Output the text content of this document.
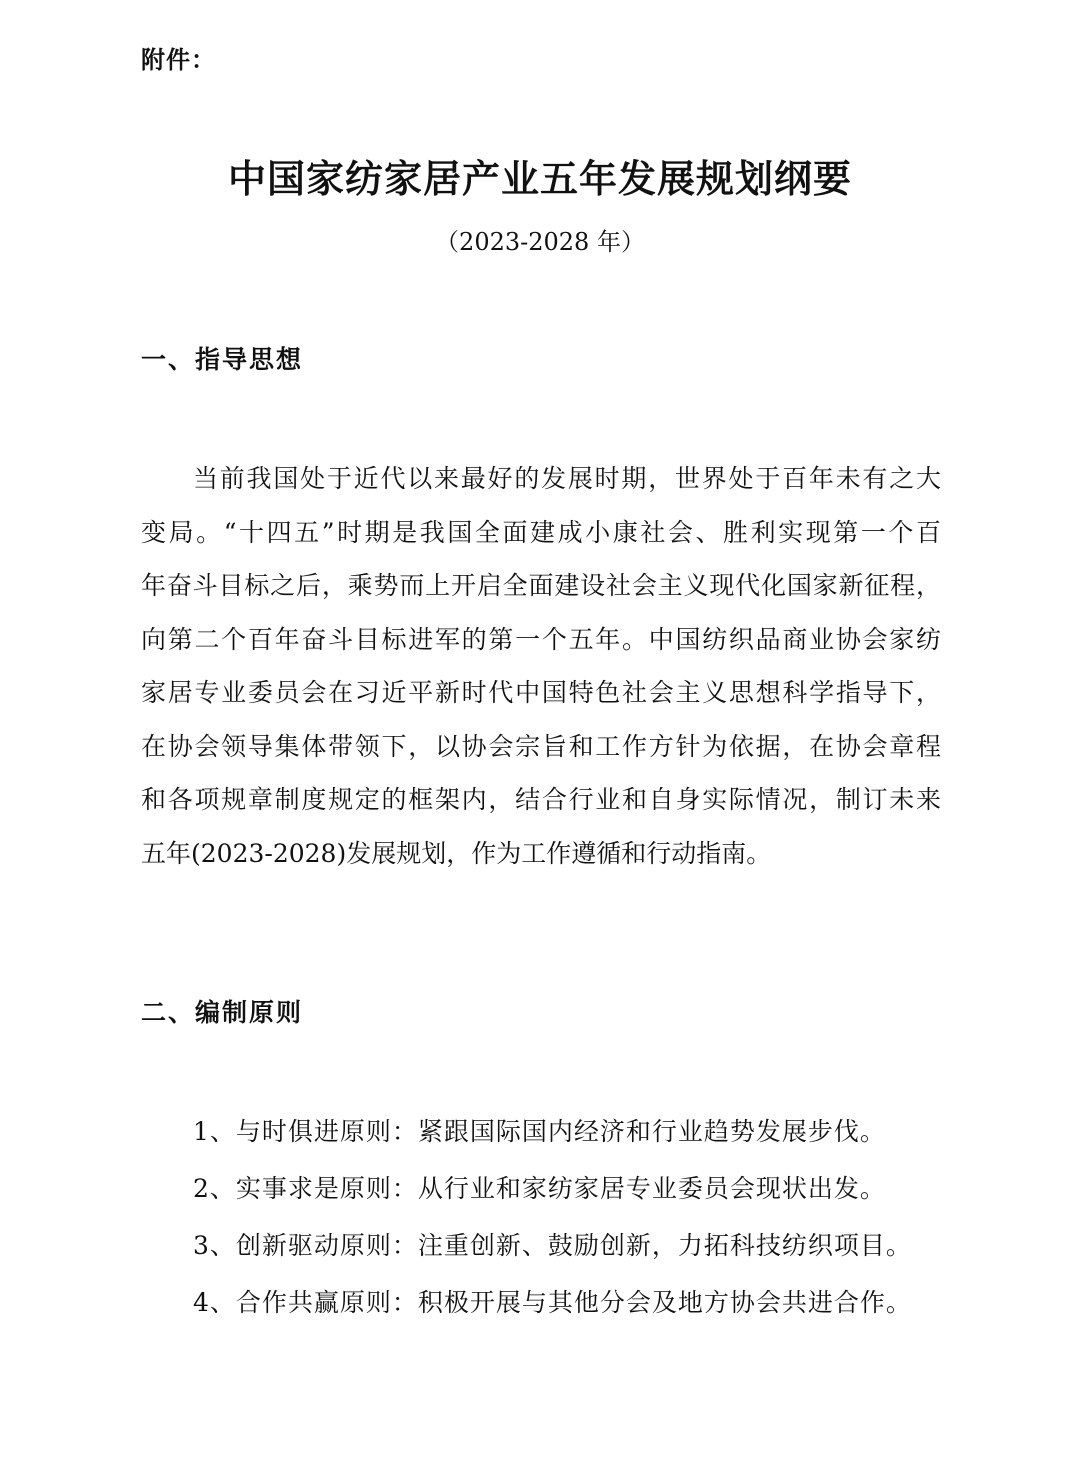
附件：
中国家纺家居产业五年发展规划纲要
（2023-2028 年）
一、指导思想
当前我国处于近代以来最好的发展时期，世界处于百年未有之大
变局。“十四五”时期是我国全面建成小康社会、胜利实现第一个百
年奋斗目标之后，乘势而上开启全面建设社会主义现代化国家新征程，
向第二个百年奋斗目标进军的第一个五年。中国纺织品商业协会家纺
家居专业委员会在习近平新时代中国特色社会主义思想科学指导下，
在协会领导集体带领下，以协会宗旨和工作方针为依据，在协会章程
和各项规章制度规定的框架内，结合行业和自身实际情况，制订未来
五年(2023-2028)发展规划，作为工作遵循和行动指南。
二、编制原则
1、与时俱进原则：紧跟国际国内经济和行业趋势发展步伐。
2、实事求是原则：从行业和家纺家居专业委员会现状出发。
3、创新驱动原则：注重创新、鼓励创新，力拓科技纺织项目。
4、合作共赢原则：积极开展与其他分会及地方协会共进合作。
